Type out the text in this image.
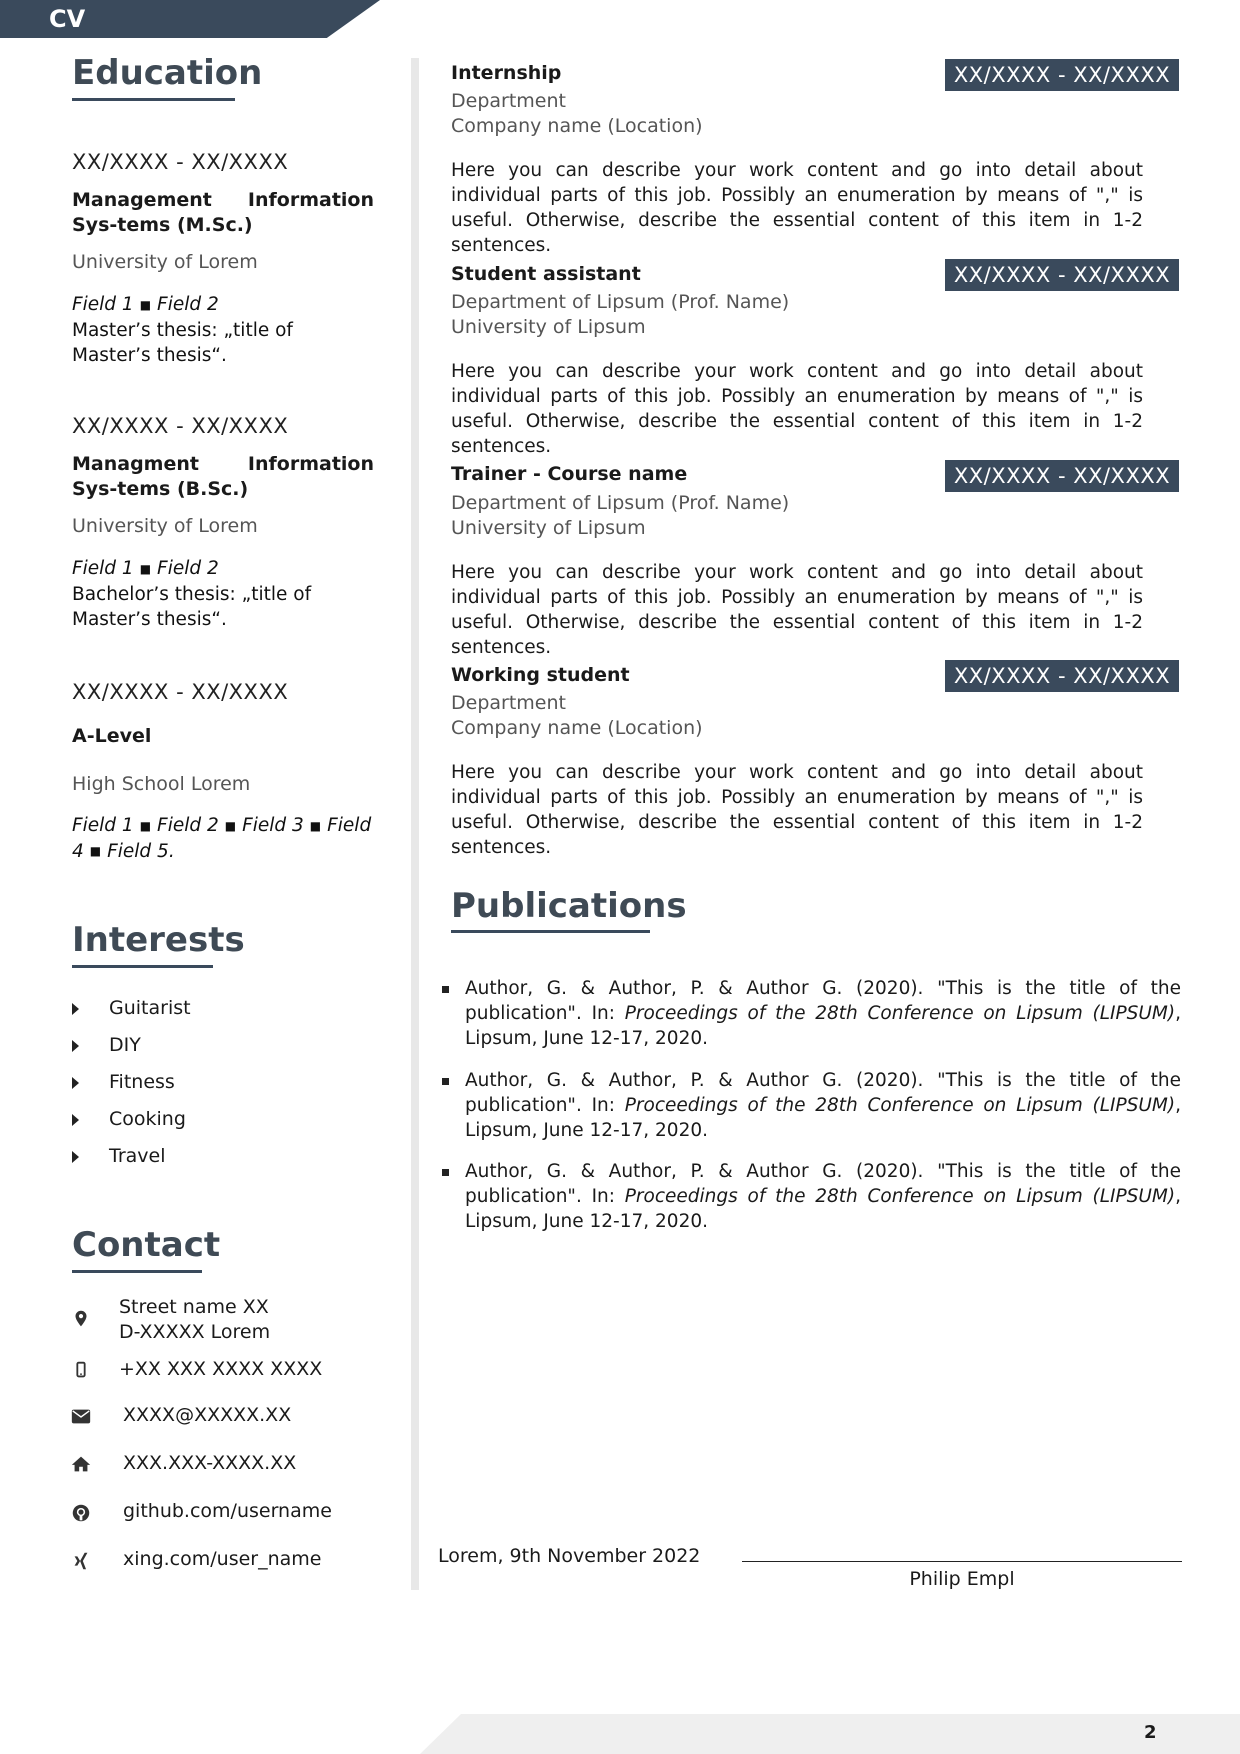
CV
Education
XX/XXXX - XX/XXXX
Management Information Sys-tems (M.Sc.)
University of Lorem
Field 1 ■ Field 2
Master’s thesis: „title of Master’s thesis“.
XX/XXXX - XX/XXXX
Managment Information Sys-tems (B.Sc.)
University of Lorem
Field 1 ■ Field 2
Bachelor’s thesis: „title of Master’s thesis“.
XX/XXXX - XX/XXXX
A-Level
High School Lorem
Field 1 ■ Field 2 ■ Field 3 ■ Field 4 ■ Field 5.
Interests
Guitarist
DIY
Fitness
Cooking
Travel
Contact
Street name XX
D-XXXXX Lorem
+XX XXX XXXX XXXX
XXXX@XXXXX.XX
XXX.XXX-XXXX.XX
github.com/username
xing.com/user_name
Internship	XX/XXXX - XX/XXXX
Department
Company name (Location)
Here you can describe your work content and go into detail about individual parts of this job. Possibly an enumeration by means of "," is useful. Otherwise, describe the essential content of this item in 1-2 sentences.
Student assistant	XX/XXXX - XX/XXXX
Department of Lipsum (Prof. Name)
University of Lipsum
Here you can describe your work content and go into detail about individual parts of this job. Possibly an enumeration by means of "," is useful. Otherwise, describe the essential content of this item in 1-2 sentences.
Trainer - Course name	XX/XXXX - XX/XXXX
Department of Lipsum (Prof. Name)
University of Lipsum
Here you can describe your work content and go into detail about individual parts of this job. Possibly an enumeration by means of "," is useful. Otherwise, describe the essential content of this item in 1-2 sentences.
Working student	XX/XXXX - XX/XXXX
Department
Company name (Location)
Here you can describe your work content and go into detail about individual parts of this job. Possibly an enumeration by means of "," is useful. Otherwise, describe the essential content of this item in 1-2 sentences.
Publications
Author, G. & Author, P. & Author G. (2020). "This is the title of the publication". In: Proceedings of the 28th Conference on Lipsum (LIPSUM), Lipsum, June 12-17, 2020.
Author, G. & Author, P. & Author G. (2020). "This is the title of the publication". In: Proceedings of the 28th Conference on Lipsum (LIPSUM), Lipsum, June 12-17, 2020.
Author, G. & Author, P. & Author G. (2020). "This is the title of the publication". In: Proceedings of the 28th Conference on Lipsum (LIPSUM), Lipsum, June 12-17, 2020.
Lorem, 9th November 2022
Philip Empl
2
